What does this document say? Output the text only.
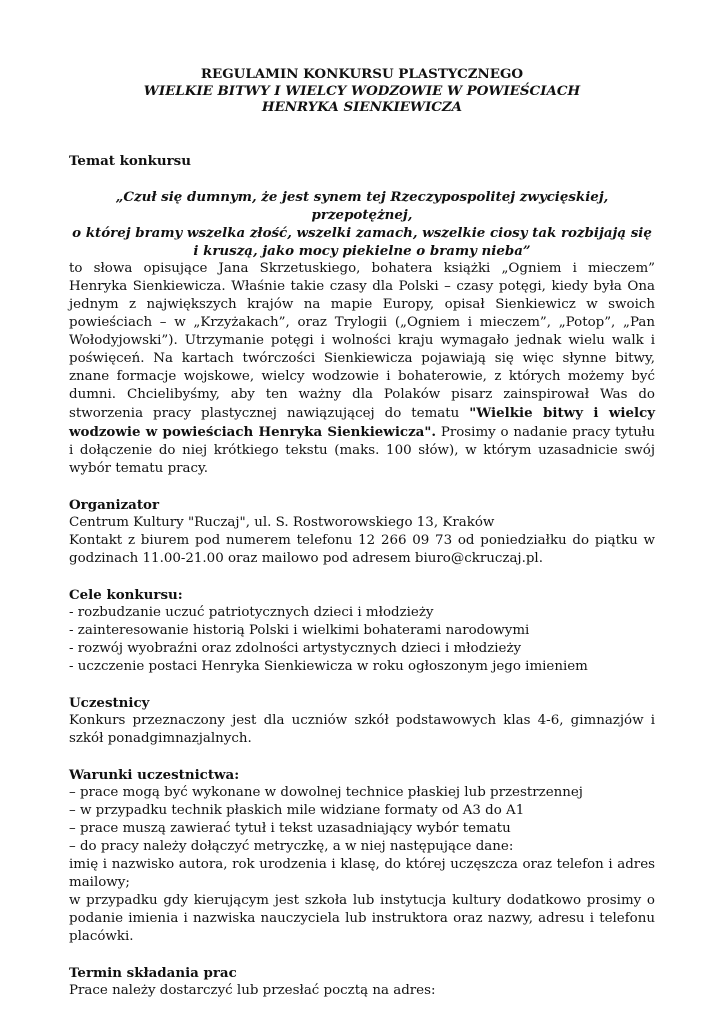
REGULAMIN KONKURSU PLASTYCZNEGO

WIELKIE BITWY I WIELCY WODZOWIE W POWIEŚCIACH

HENRYKA SIENKIEWICZA

Temat konkursu

„Czuł się dumnym, że jest synem tej Rzeczypospolitej zwycięskiej, przepotężnej,

o której bramy wszelka złość, wszelki zamach, wszelkie ciosy tak rozbijają się

i kruszą, jako mocy piekielne o bramy nieba”

to słowa opisujące Jana Skrzetuskiego, bohatera książki „Ogniem i mieczem” Henryka Sienkiewicza. Właśnie takie czasy dla Polski – czasy potęgi, kiedy była Ona jednym z największych krajów na mapie Europy, opisał Sienkiewicz w swoich powieściach – w „Krzyżakach”, oraz Trylogii („Ogniem i mieczem”, „Potop”, „Pan Wołodyjowski”). Utrzymanie potęgi i wolności kraju wymagało jednak wielu walk i poświęceń. Na kartach twórczości Sienkiewicza pojawiają się więc słynne bitwy, znane formacje wojskowe, wielcy wodzowie i bohaterowie, z których możemy być dumni. Chcielibyśmy, aby ten ważny dla Polaków pisarz zainspirował Was do stworzenia pracy plastycznej nawiązującej do tematu "Wielkie bitwy i wielcy wodzowie w powieściach Henryka Sienkiewicza". Prosimy o nadanie pracy tytułu i dołączenie do niej krótkiego tekstu (maks. 100 słów), w którym uzasadnicie swój wybór tematu pracy.

Organizator

Centrum Kultury "Ruczaj", ul. S. Rostworowskiego 13, Kraków

Kontakt z biurem pod numerem telefonu 12 266 09 73 od poniedziałku do piątku w godzinach 11.00-21.00 oraz mailowo pod adresem biuro@ckruczaj.pl.

Cele konkursu:
- rozbudzanie uczuć patriotycznych dzieci i młodzieży
- zainteresowanie historią Polski i wielkimi bohaterami narodowymi
- rozwój wyobraźni oraz zdolności artystycznych dzieci i młodzieży
- uczczenie postaci Henryka Sienkiewicza w roku ogłoszonym jego imieniem
Uczestnicy

Konkurs przeznaczony jest dla uczniów szkół podstawowych klas 4-6, gimnazjów i szkół ponadgimnazjalnych.

Warunki uczestnictwa:
– prace mogą być wykonane w dowolnej technice płaskiej lub przestrzennej
– w przypadku technik płaskich mile widziane formaty od A3 do A1
– prace muszą zawierać tytuł i tekst uzasadniający wybór tematu
– do pracy należy dołączyć metryczkę, a w niej następujące dane:

imię i nazwisko autora, rok urodzenia i klasę, do której uczęszcza oraz telefon i adres mailowy;

w przypadku gdy kierującym jest szkoła lub instytucja kultury dodatkowo prosimy o podanie imienia i nazwiska nauczyciela lub instruktora oraz nazwy, adresu i telefonu placówki.

Termin składania prac

Prace należy dostarczyć lub przesłać pocztą na adres:
